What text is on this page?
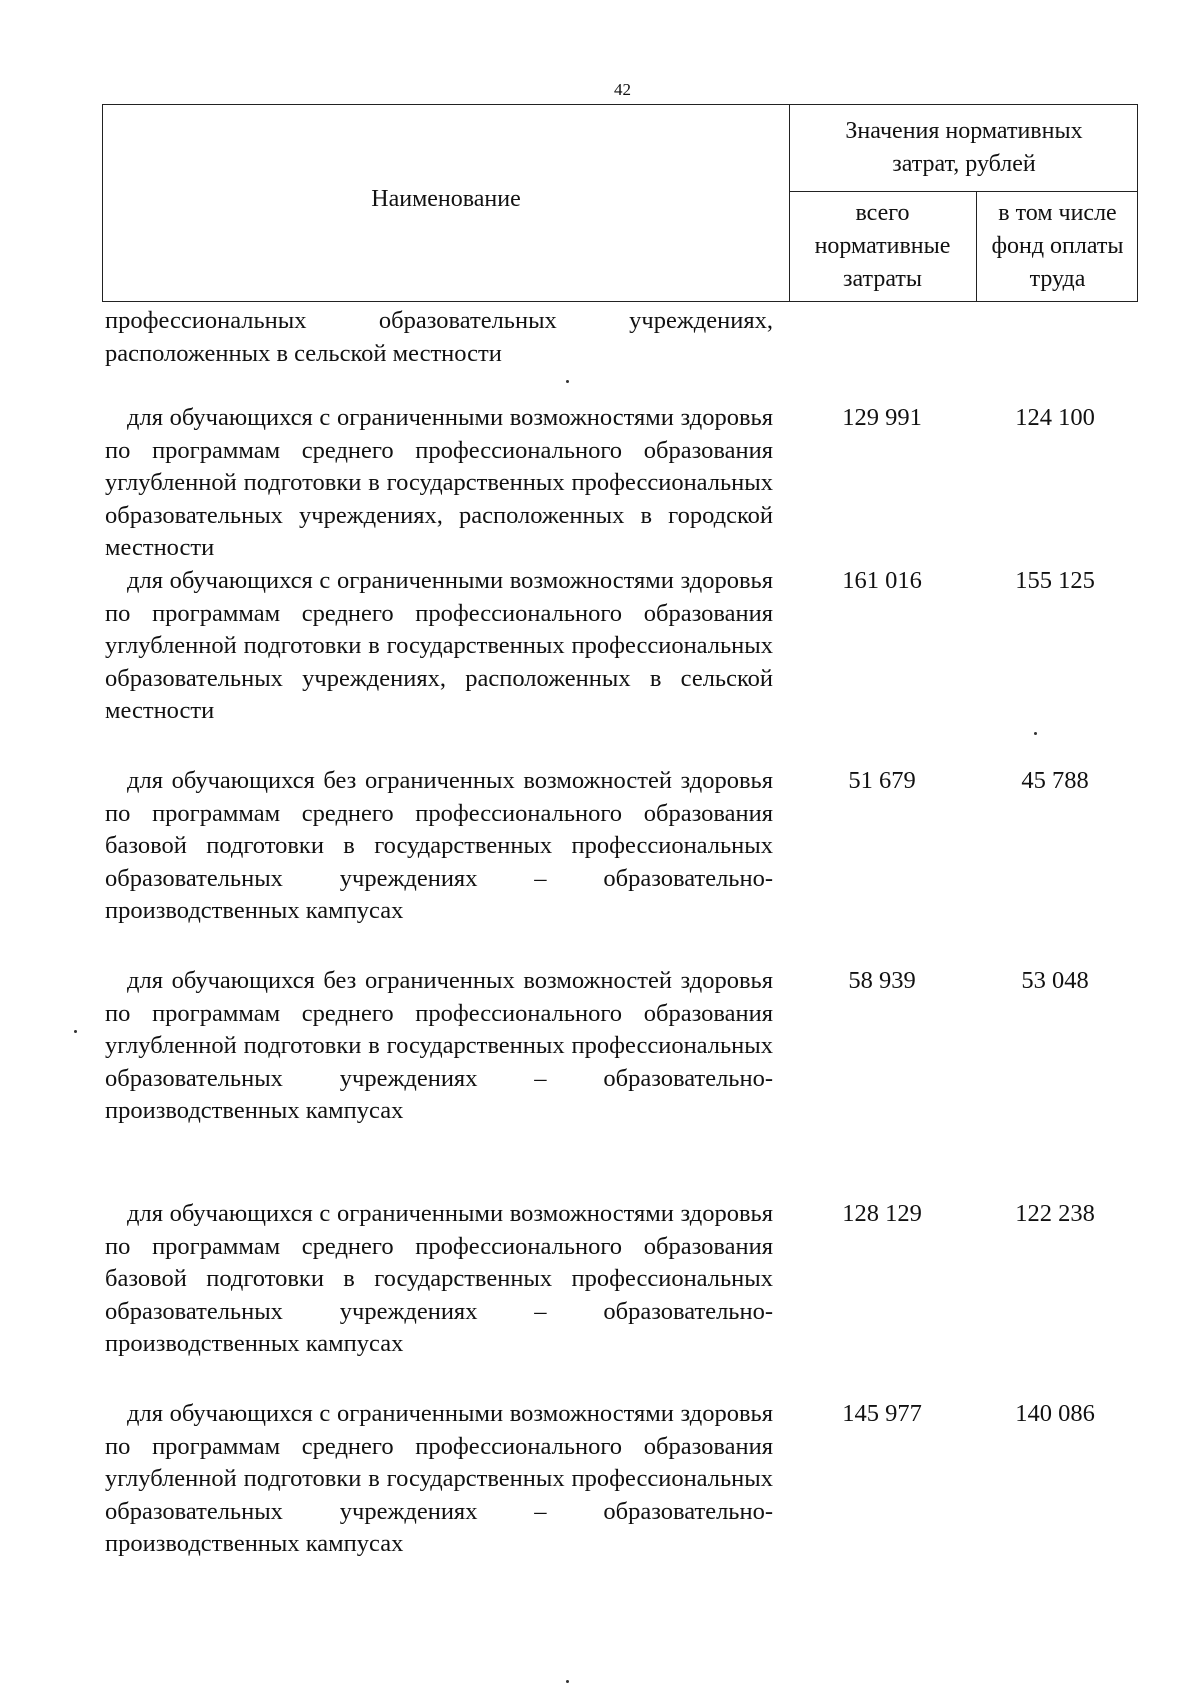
42
Наименование
Значения нормативных
затрат, рублей
всего
нормативные
затраты
в том числе
фонд оплаты
труда
профессиональных образовательных учреждениях, расположенных в сельской местности
для обучающихся с ограниченными возможностями здоровья по программам среднего профессионального образования углубленной подготовки в государственных профессиональных образовательных учреждениях, расположенных в городской местности
129 991	124 100
для обучающихся с ограниченными возможностями здоровья по программам среднего профессионального образования углубленной подготовки в государственных профессиональных образовательных учреждениях, расположенных в сельской местности
161 016	155 125
для обучающихся без ограниченных возможностей здоровья по программам среднего профессионального образования базовой подготовки в государственных профессиональных образовательных учреждениях – образовательно-производственных кампусах
51 679	45 788
для обучающихся без ограниченных возможностей здоровья по программам среднего профессионального образования углубленной подготовки в государственных профессиональных образовательных учреждениях – образовательно-производственных кампусах
58 939	53 048
для обучающихся с ограниченными возможностями здоровья по программам среднего профессионального образования базовой подготовки в государственных профессиональных образовательных учреждениях – образовательно-производственных кампусах
128 129	122 238
для обучающихся с ограниченными возможностями здоровья по программам среднего профессионального образования углубленной подготовки в государственных профессиональных образовательных учреждениях – образовательно-производственных кампусах
145 977	140 086
